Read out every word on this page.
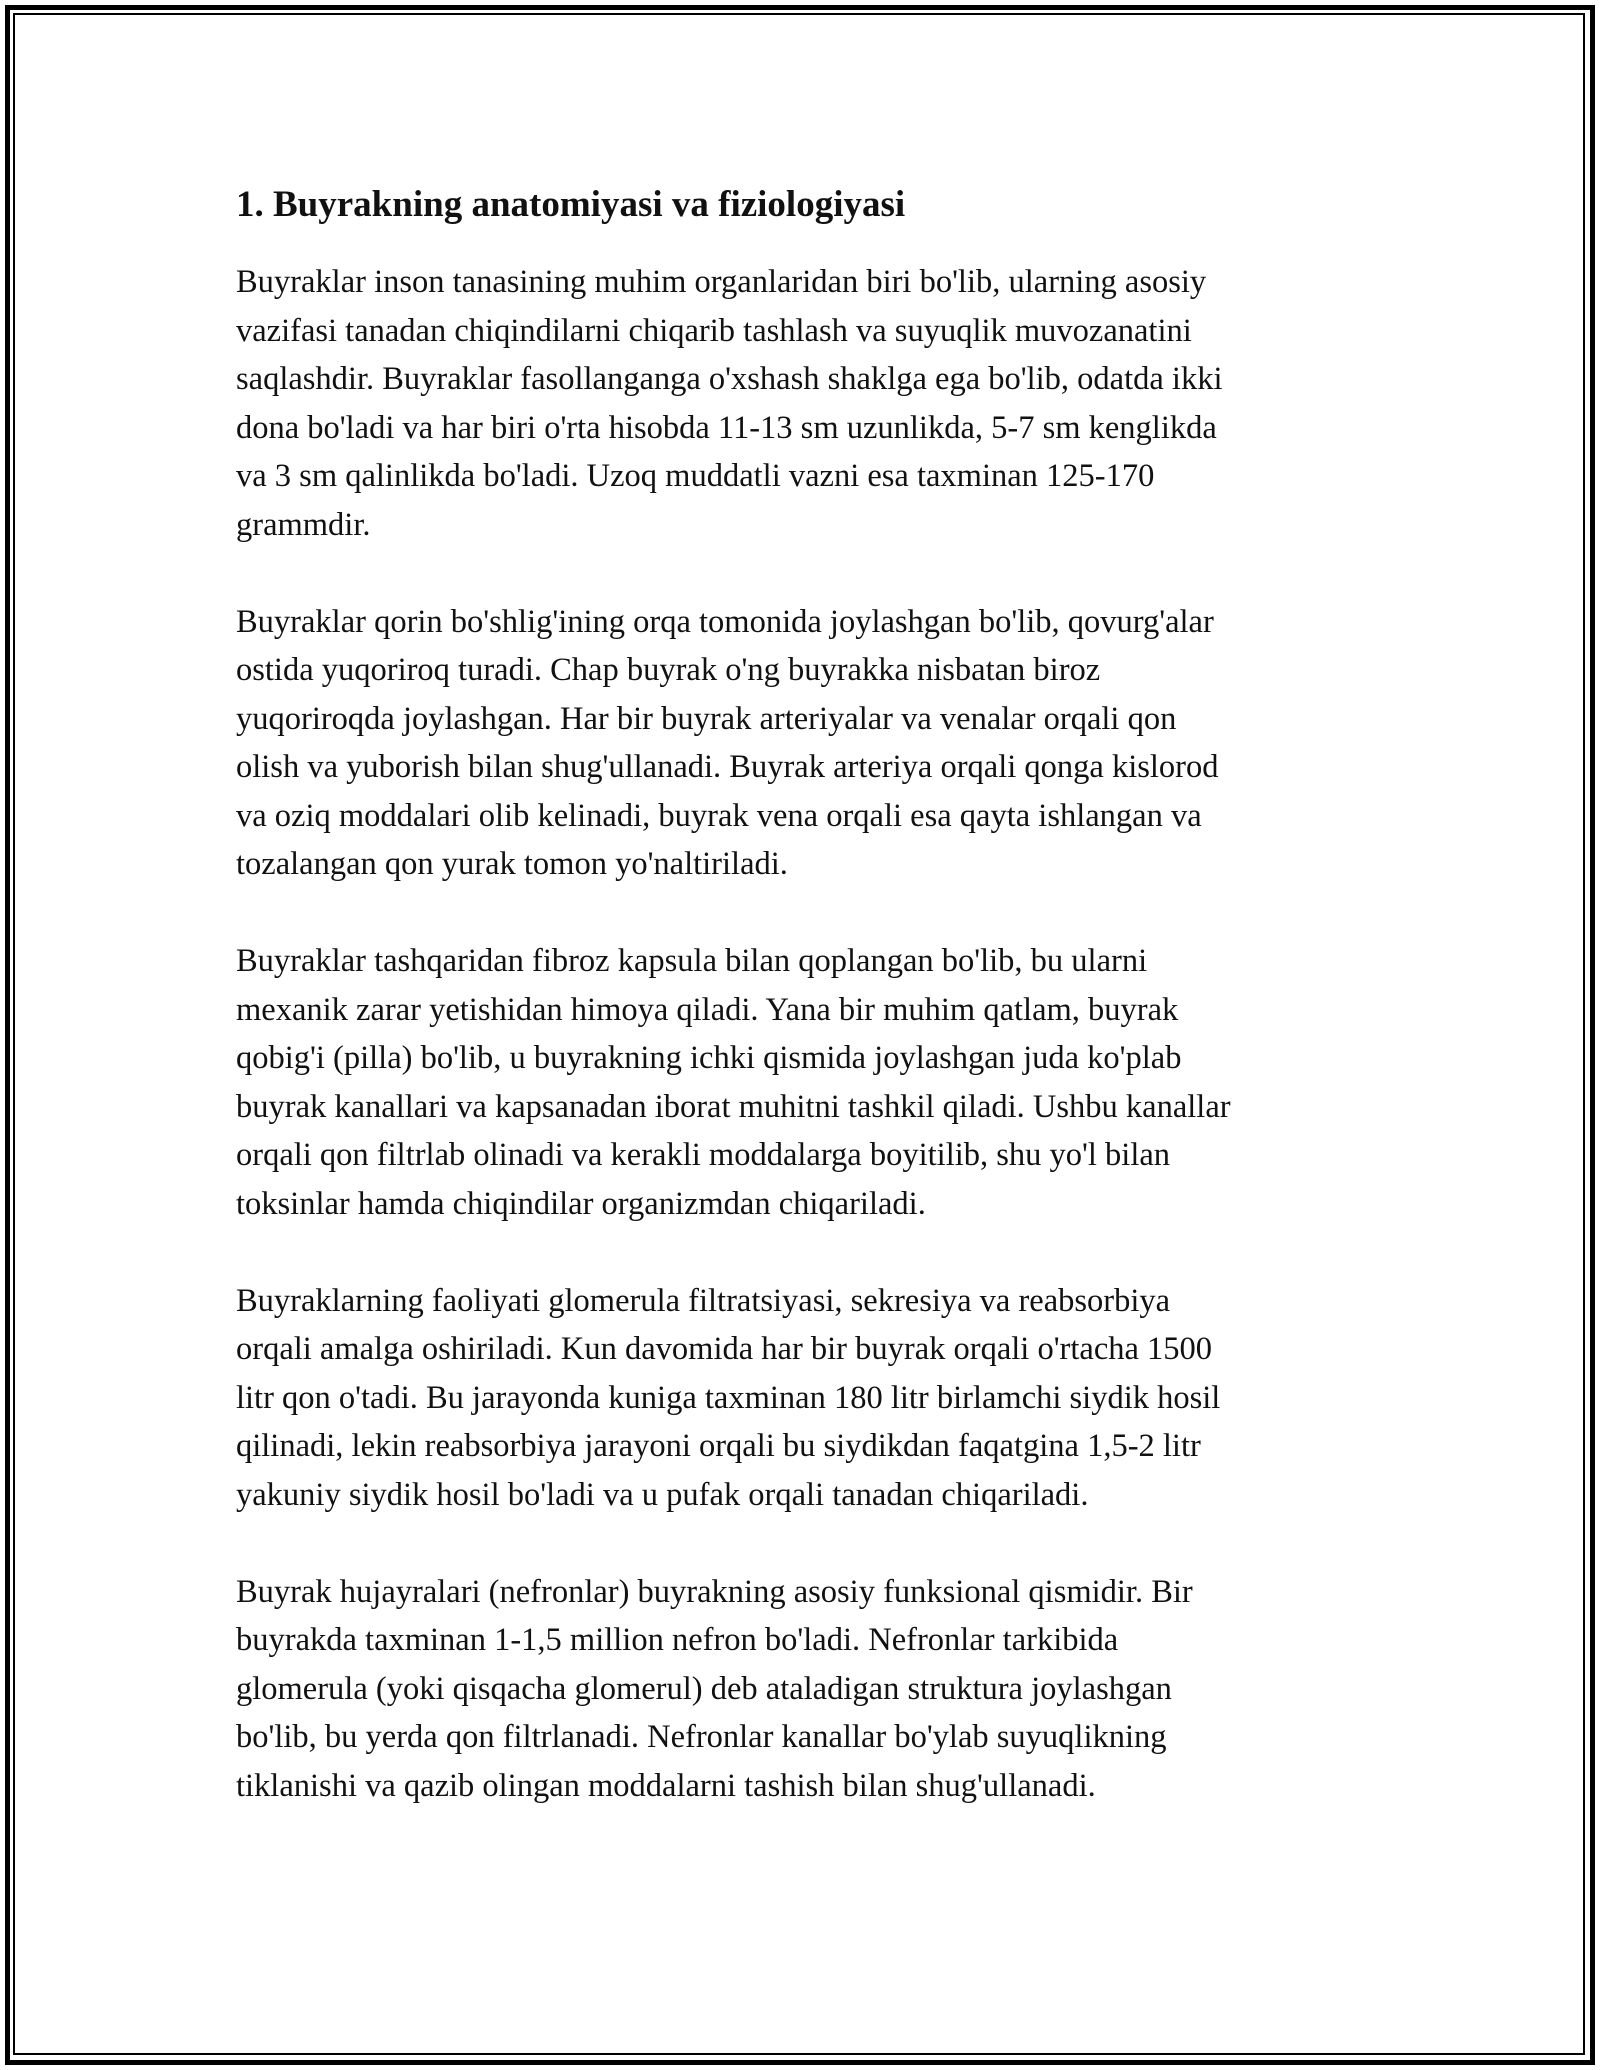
1. Buyrakning anatomiyasi va fiziologiyasi

Buyraklar inson tanasining muhim organlaridan biri bo'lib, ularning asosiy
vazifasi tanadan chiqindilarni chiqarib tashlash va suyuqlik muvozanatini
saqlashdir. Buyraklar fasollanganga o'xshash shaklga ega bo'lib, odatda ikki
dona bo'ladi va har biri o'rta hisobda 11-13 sm uzunlikda, 5-7 sm kenglikda
va 3 sm qalinlikda bo'ladi. Uzoq muddatli vazni esa taxminan 125-170
grammdir.

Buyraklar qorin bo'shlig'ining orqa tomonida joylashgan bo'lib, qovurg'alar
ostida yuqoriroq turadi. Chap buyrak o'ng buyrakka nisbatan biroz
yuqoriroqda joylashgan. Har bir buyrak arteriyalar va venalar orqali qon
olish va yuborish bilan shug'ullanadi. Buyrak arteriya orqali qonga kislorod
va oziq moddalari olib kelinadi, buyrak vena orqali esa qayta ishlangan va
tozalangan qon yurak tomon yo'naltiriladi.

Buyraklar tashqaridan fibroz kapsula bilan qoplangan bo'lib, bu ularni
mexanik zarar yetishidan himoya qiladi. Yana bir muhim qatlam, buyrak
qobig'i (pilla) bo'lib, u buyrakning ichki qismida joylashgan juda ko'plab
buyrak kanallari va kapsanadan iborat muhitni tashkil qiladi. Ushbu kanallar
orqali qon filtrlab olinadi va kerakli moddalarga boyitilib, shu yo'l bilan
toksinlar hamda chiqindilar organizmdan chiqariladi.

Buyraklarning faoliyati glomerula filtratsiyasi, sekresiya va reabsorbiya
orqali amalga oshiriladi. Kun davomida har bir buyrak orqali o'rtacha 1500
litr qon o'tadi. Bu jarayonda kuniga taxminan 180 litr birlamchi siydik hosil
qilinadi, lekin reabsorbiya jarayoni orqali bu siydikdan faqatgina 1,5-2 litr
yakuniy siydik hosil bo'ladi va u pufak orqali tanadan chiqariladi.

Buyrak hujayralari (nefronlar) buyrakning asosiy funksional qismidir. Bir
buyrakda taxminan 1-1,5 million nefron bo'ladi. Nefronlar tarkibida
glomerula (yoki qisqacha glomerul) deb ataladigan struktura joylashgan
bo'lib, bu yerda qon filtrlanadi. Nefronlar kanallar bo'ylab suyuqlikning
tiklanishi va qazib olingan moddalarni tashish bilan shug'ullanadi.
